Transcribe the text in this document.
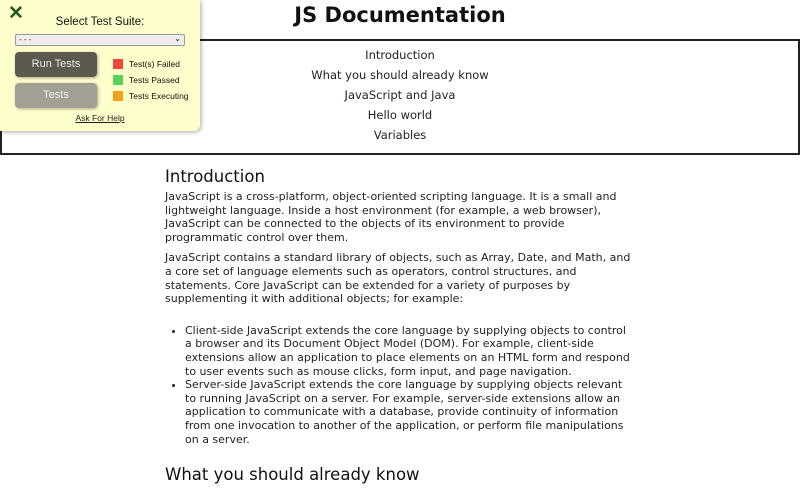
JS Documentation
Introduction
What you should already know
JavaScript and Java
Hello world
Variables
Introduction

JavaScript is a cross-platform, object-oriented scripting language. It is a small and lightweight language. Inside a host environment (for example, a web browser), JavaScript can be connected to the objects of its environment to provide programmatic control over them.

JavaScript contains a standard library of objects, such as Array, Date, and Math, and a core set of language elements such as operators, control structures, and statements. Core JavaScript can be extended for a variety of purposes by supplementing it with additional objects; for example:

• Client-side JavaScript extends the core language by supplying objects to control a browser and its Document Object Model (DOM). For example, client-side extensions allow an application to place elements on an HTML form and respond to user events such as mouse clicks, form input, and page navigation.
• Server-side JavaScript extends the core language by supplying objects relevant to running JavaScript on a server. For example, server-side extensions allow an application to communicate with a database, provide continuity of information from one invocation to another of the application, or perform file manipulations on a server.
What you should already know
✕	Select Test Suite:
- - -	⌄
Run Tests
Tests
Test(s) Failed
Tests Passed
Tests Executing
Ask For Help
